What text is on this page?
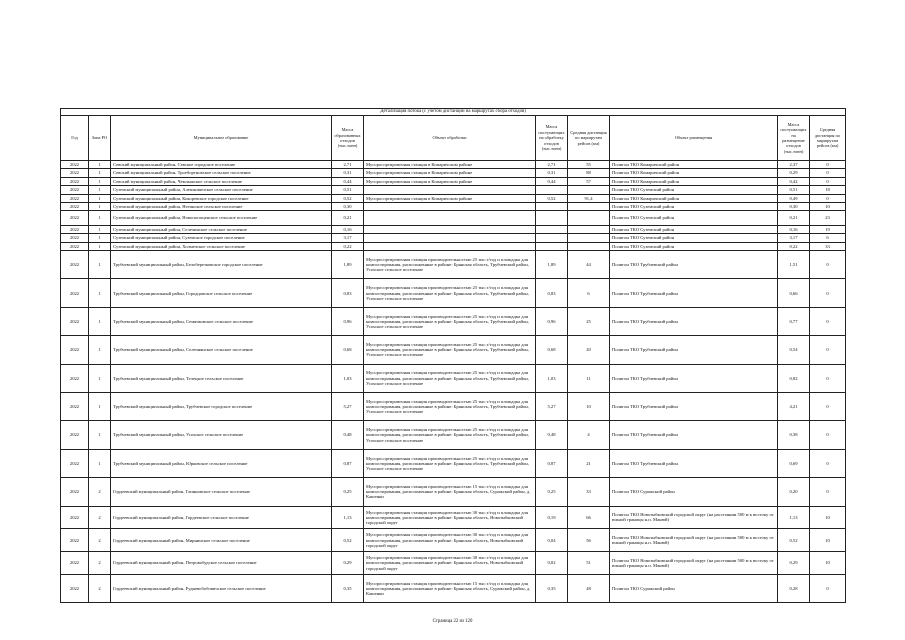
Детализация потока (с учетом дистанций на маршрутах сбора отходов)									
Год	Зона РО	Муниципальное образование	Масса образованных отходов (тыс.тонн)	Объект обработки	Масса поступающих на обработку отходов (тыс.тонн)	Средняя дистанция по маршрутам рейсов (км)	Объект размещения	Масса поступающих на размещение отходов (тыс.тонн)	Средняя дистанция по маршрутам рейсов (км)
2022	1	Севский муниципальный район, Севское городское поселение	2,71	Мусоросортировочная станция в Комаричском районе	2,71	55	Полигон ТКО Комаричский район	2,37	0
2022	1	Севский муниципальный район, Троебортновское сельское поселение	0,31	Мусоросортировочная станция в Комаричском районе	0,31	88	Полигон ТКО Комаричский район	0,29	0
2022	1	Севский муниципальный район, Чемлыжское сельское поселение	0,44	Мусоросортировочная станция в Комаричском районе	0,44	57	Полигон ТКО Комаричский район	0,42	0
2022	1	Суземский муниципальный район, Алешковичское сельское поселение	0,51				Полигон ТКО Суземский район	0,51	18
2022	1	Суземский муниципальный район, Кокоревское городское поселение	0,52	Мусоросортировочная станция в Комаричском районе	0,52	91,4	Полигон ТКО Комаричский район	0,49	0
2022	1	Суземский муниципальный район, Негинское сельское поселение	0,30				Полигон ТКО Суземский район	0,30	10
2022	1	Суземский муниципальный район, Новопогощенское сельское поселение	0,21				Полигон ТКО Суземский район	0,21	23
2022	1	Суземский муниципальный район, Селечинское сельское поселение	0,16				Полигон ТКО Суземский район	0,16	19
2022	1	Суземский муниципальный район, Суземское городское поселение	3,17				Полигон ТКО Суземский район	3,17	6
2022	1	Суземский муниципальный район, Холмечское сельское поселение	0,22				Полигон ТКО Суземский район	0,22	33
2022	1	Трубчевский муниципальный район, Белоберезковское городское поселение	1,89	Мусоросортировочная станция производительностью 25 тыс.т/год и площадка для компостирования, расположенные в районе: Брянская область, Трубчевский район, Усохское сельское поселение	1,89	44	Полигон ТКО Трубчевский район	1,51	0
2022	1	Трубчевский муниципальный район, Городцовское сельское поселение	0,83	Мусоросортировочная станция производительностью 25 тыс.т/год и площадка для компостирования, расположенные в районе: Брянская область, Трубчевский район, Усохское сельское поселение	0,83	6	Полигон ТКО Трубчевский район	0,66	0
2022	1	Трубчевский муниципальный район, Семячковское сельское поселение	0,96	Мусоросортировочная станция производительностью 25 тыс.т/год и площадка для компостирования, расположенные в районе: Брянская область, Трубчевский район, Усохское сельское поселение	0,96	25	Полигон ТКО Трубчевский район	0,77	0
2022	1	Трубчевский муниципальный район, Селечнянское сельское поселение	0,68	Мусоросортировочная станция производительностью 25 тыс.т/год и площадка для компостирования, расположенные в районе: Брянская область, Трубчевский район, Усохское сельское поселение	0,68	20	Полигон ТКО Трубчевский район	0,54	0
2022	1	Трубчевский муниципальный район, Телецкое сельское поселение	1,03	Мусоросортировочная станция производительностью 25 тыс.т/год и площадка для компостирования, расположенные в районе: Брянская область, Трубчевский район, Усохское сельское поселение	1,03	11	Полигон ТКО Трубчевский район	0,82	0
2022	1	Трубчевский муниципальный район, Трубчевское городское поселение	5,27	Мусоросортировочная станция производительностью 25 тыс.т/год и площадка для компостирования, расположенные в районе: Брянская область, Трубчевский район, Усохское сельское поселение	5,27	10	Полигон ТКО Трубчевский район	4,21	0
2022	1	Трубчевский муниципальный район, Усохское сельское поселение	0,48	Мусоросортировочная станция производительностью 25 тыс.т/год и площадка для компостирования, расположенные в районе: Брянская область, Трубчевский район, Усохское сельское поселение	0,48	4	Полигон ТКО Трубчевский район	0,38	0
2022	1	Трубчевский муниципальный район, Юрковское сельское поселение	0,87	Мусоросортировочная станция производительностью 25 тыс.т/год и площадка для компостирования, расположенные в районе: Брянская область, Трубчевский район, Усохское сельское поселение	0,87	21	Полигон ТКО Трубчевский район	0,69	0
2022	2	Гордеевский муниципальный район, Глинновское сельское поселение	0,25	Мусоросортировочная станция производительностью 15 тыс.т/год и площадка для компостирования, расположенные в районе: Брянская область, Суражский район, д. Кашенки	0,25	33	Полигон ТКО Суражский район	0,20	0
2022	2	Гордеевский муниципальный район, Гордеевское сельское поселение	1,13	Мусоросортировочная станция производительностью 30 тыс.т/год и площадка для компостирования, расположенные в районе: Брянская область, Новозыбковский городской округ	0,19	66	Полигон ТКО Новозыбковский городской округ (на расстоянии 500 м к востоку от южной границы н.п. Манюй)	1,13	10
2022	2	Гордеевский муниципальный район, Мирнинское сельское поселение	0,52	Мусоросортировочная станция производительностью 30 тыс.т/год и площадка для компостирования, расположенные в районе: Брянская область, Новозыбковский городской округ	0,04	56	Полигон ТКО Новозыбковский городской округ (на расстоянии 500 м к востоку от южной границы н.п. Манюй)	0,52	10
2022	2	Гордеевский муниципальный район, Петровобудское сельское поселение	0,29	Мусоросортировочная станция производительностью 30 тыс.т/год и площадка для компостирования, расположенные в районе: Брянская область, Новозыбковский городской округ	0,02	51	Полигон ТКО Новозыбковский городской округ (на расстоянии 500 м к востоку от южной границы н.п. Манюй)	0,29	10
2022	2	Гордеевский муниципальный район, Рудневобобовичское сельское поселение	0,35	Мусоросортировочная станция производительностью 15 тыс.т/год и площадка для компостирования, расположенные в районе: Брянская область, Суражский район, д. Кашенки	0,35	48	Полигон ТКО Суражский район	0,28	0
Страница 22 из 120
